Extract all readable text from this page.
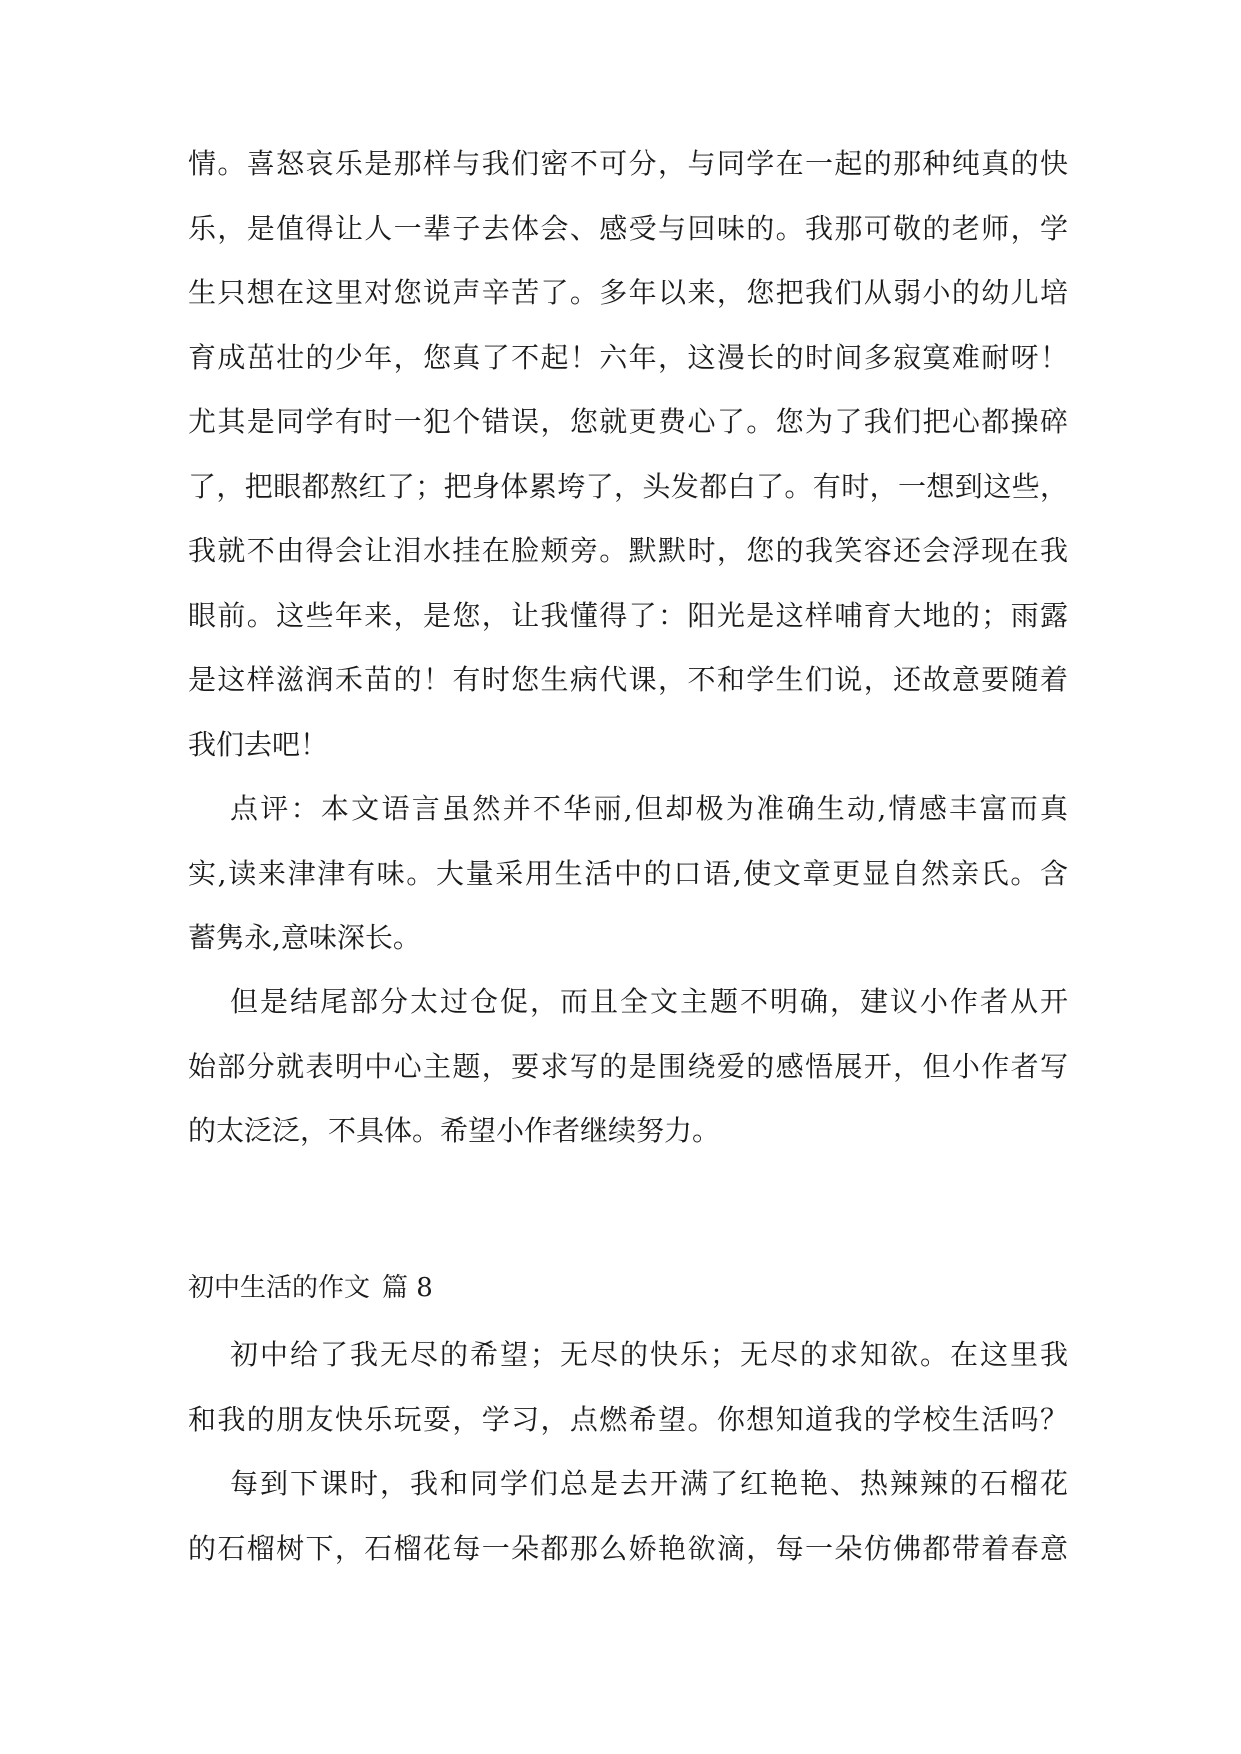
情。喜怒哀乐是那样与我们密不可分，与同学在一起的那种纯真的快
乐，是值得让人一辈子去体会、感受与回味的。我那可敬的老师，学
生只想在这里对您说声辛苦了。多年以来，您把我们从弱小的幼儿培
育成茁壮的少年，您真了不起！六年，这漫长的时间多寂寞难耐呀！
尤其是同学有时一犯个错误，您就更费心了。您为了我们把心都操碎
了，把眼都熬红了；把身体累垮了，头发都白了。有时，一想到这些，
我就不由得会让泪水挂在脸颊旁。默默时，您的我笑容还会浮现在我
眼前。这些年来，是您，让我懂得了：阳光是这样哺育大地的；雨露
是这样滋润禾苗的！有时您生病代课，不和学生们说，还故意要随着
我们去吧！
点评：本文语言虽然并不华丽,但却极为准确生动,情感丰富而真
实,读来津津有味。大量采用生活中的口语,使文章更显自然亲氏。含
蓄隽永,意味深长。
但是结尾部分太过仓促，而且全文主题不明确，建议小作者从开
始部分就表明中心主题，要求写的是围绕爱的感悟展开，但小作者写
的太泛泛，不具体。希望小作者继续努力。
初中生活的作文 篇 8
初中给了我无尽的希望；无尽的快乐；无尽的求知欲。在这里我
和我的朋友快乐玩耍，学习，点燃希望。你想知道我的学校生活吗？
每到下课时，我和同学们总是去开满了红艳艳、热辣辣的石榴花
的石榴树下，石榴花每一朵都那么娇艳欲滴，每一朵仿佛都带着春意
